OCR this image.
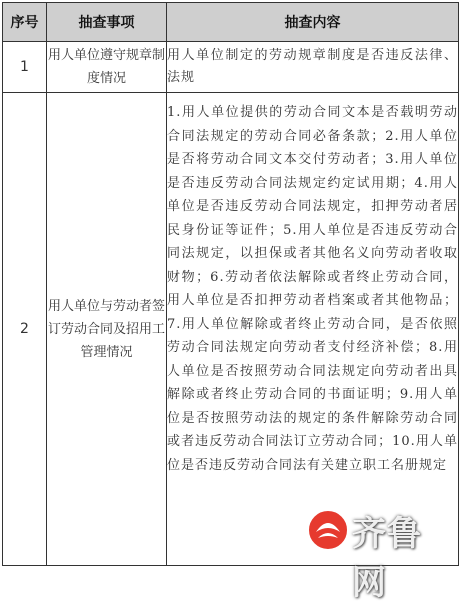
序号	抽查事项	抽查内容
1	用人单位遵守规章制度情况	用人单位制定的劳动规章制度是否违反法律、法规
2	用人单位与劳动者签订劳动合同及招用工管理情况	1.用人单位提供的劳动合同文本是否载明劳动合同法规定的劳动合同必备条款；2.用人单位是否将劳动合同文本交付劳动者；3.用人单位是否违反劳动合同法规定约定试用期；4.用人单位是否违反劳动合同法规定，扣押劳动者居民身份证等证件；5.用人单位是否违反劳动合同法规定，以担保或者其他名义向劳动者收取财物；6.劳动者依法解除或者终止劳动合同，用人单位是否扣押劳动者档案或者其他物品；7.用人单位解除或者终止劳动合同，是否依照劳动合同法规定向劳动者支付经济补偿；8.用人单位是否按照劳动合同法规定向劳动者出具解除或者终止劳动合同的书面证明；9.用人单位是否按照劳动法的规定的条件解除劳动合同或者违反劳动合同法订立劳动合同；10.用人单位是否违反劳动合同法有关建立职工名册规定
齐鲁
